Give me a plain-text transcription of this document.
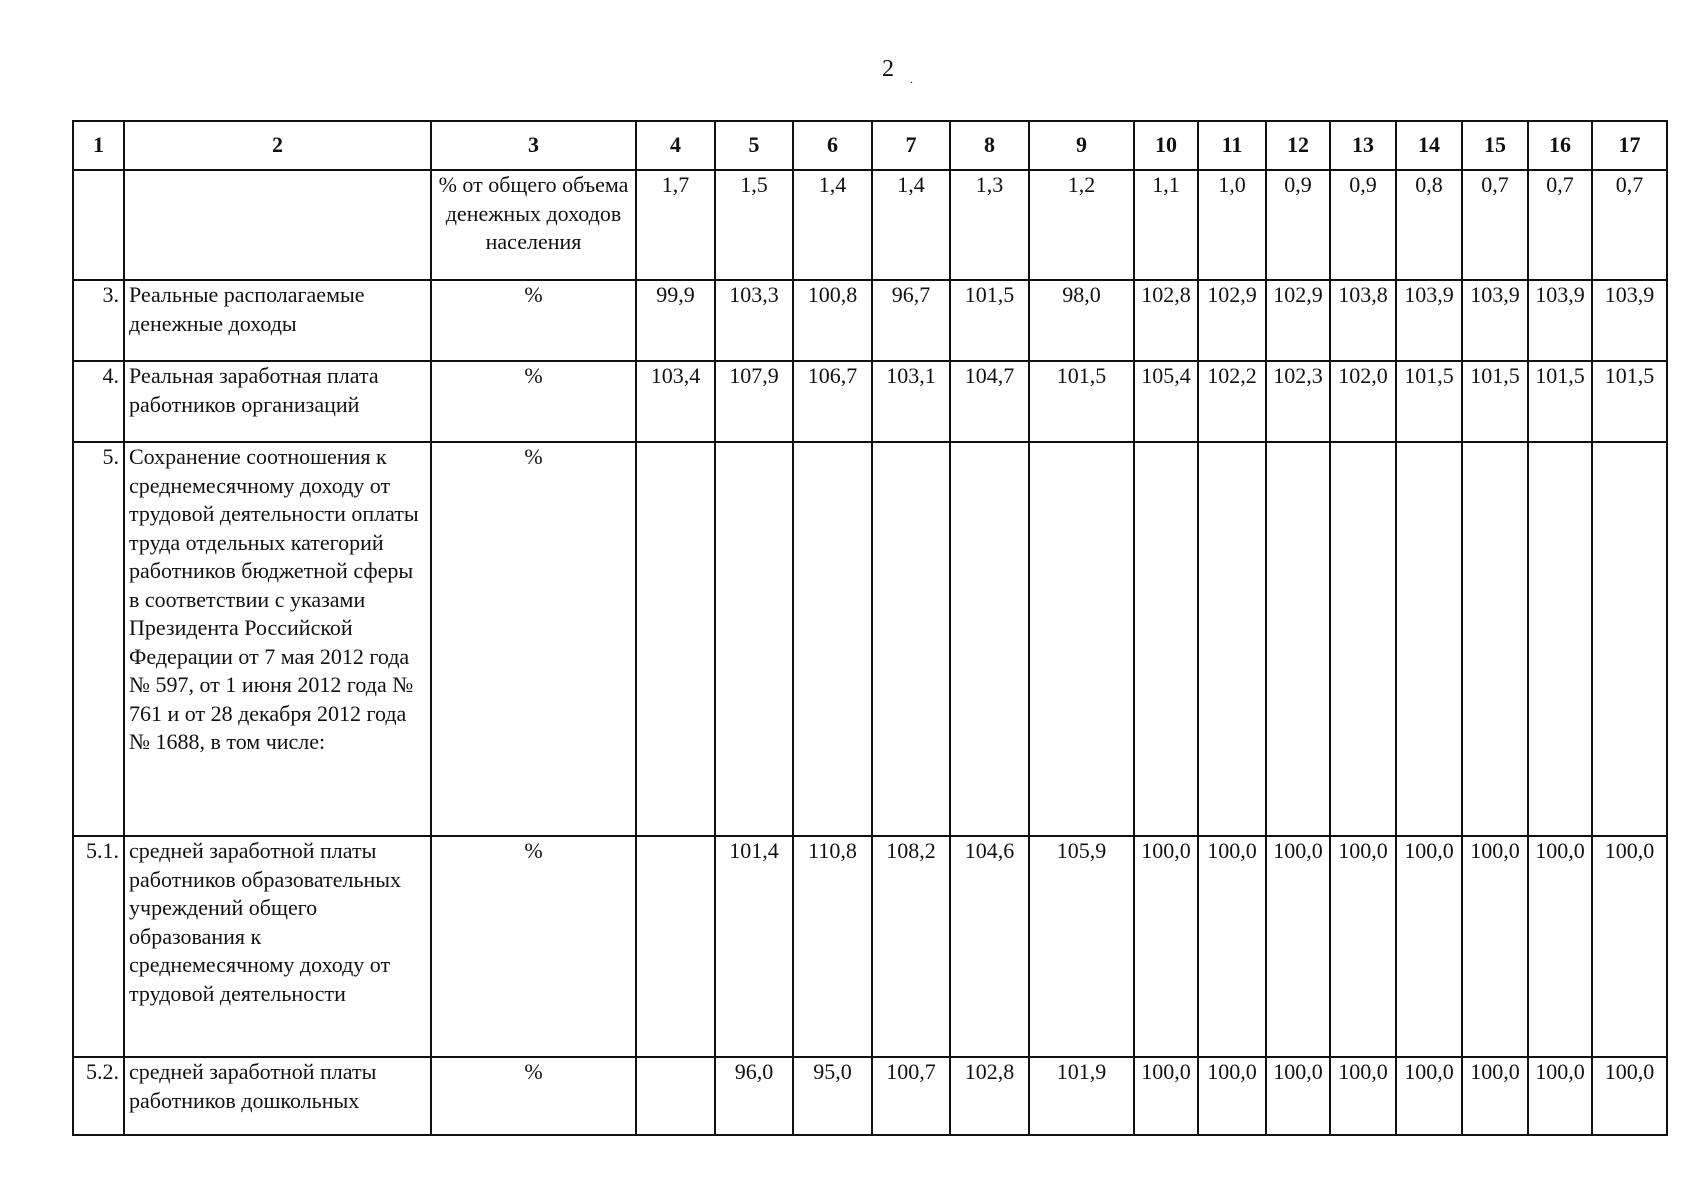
2	.
1	2	3	4	5	6	7	8	9	10	11	12	13	14	15	16	17
		% от общего объема денежных доходов населения	1,7	1,5	1,4	1,4	1,3	1,2	1,1	1,0	0,9	0,9	0,8	0,7	0,7	0,7
3.	Реальные располагаемые денежные доходы	%	99,9	103,3	100,8	96,7	101,5	98,0	102,8	102,9	102,9	103,8	103,9	103,9	103,9	103,9
4.	Реальная заработная плата работников организаций	%	103,4	107,9	106,7	103,1	104,7	101,5	105,4	102,2	102,3	102,0	101,5	101,5	101,5	101,5
5.	Сохранение соотношения к среднемесячному доходу от трудовой деятельности оплаты труда отдельных категорий работников бюджетной сферы в соответствии с указами Президента Российской Федерации от 7 мая 2012 года № 597, от 1 июня 2012 года № 761 и от 28 декабря 2012 года № 1688, в том числе:	%														
5.1.	средней заработной платы работников образовательных учреждений общего образования к среднемесячному доходу от трудовой деятельности	%		101,4	110,8	108,2	104,6	105,9	100,0	100,0	100,0	100,0	100,0	100,0	100,0	100,0
5.2.	средней заработной платы работников дошкольных	%		96,0	95,0	100,7	102,8	101,9	100,0	100,0	100,0	100,0	100,0	100,0	100,0	100,0
